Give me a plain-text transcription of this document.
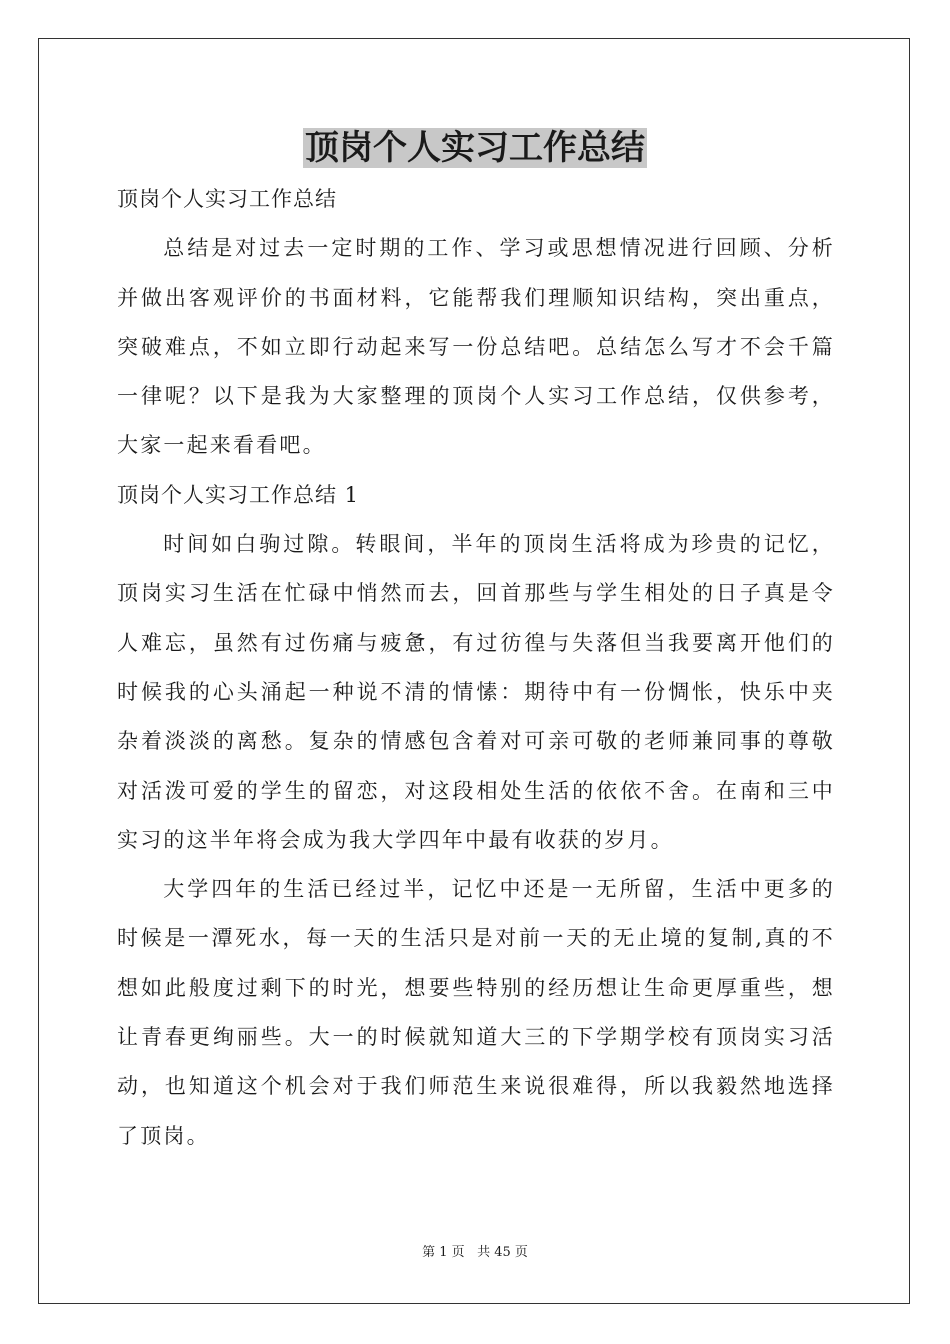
顶岗个人实习工作总结

顶岗个人实习工作总结

总结是对过去一定时期的工作、学习或思想情况进行回顾、分析并做出客观评价的书面材料，它能帮我们理顺知识结构，突出重点，突破难点，不如立即行动起来写一份总结吧。总结怎么写才不会千篇一律呢？以下是我为大家整理的顶岗个人实习工作总结，仅供参考，大家一起来看看吧。

顶岗个人实习工作总结 1

时间如白驹过隙。转眼间，半年的顶岗生活将成为珍贵的记忆，顶岗实习生活在忙碌中悄然而去，回首那些与学生相处的日子真是令人难忘，虽然有过伤痛与疲惫，有过彷徨与失落但当我要离开他们的时候我的心头涌起一种说不清的情愫：期待中有一份惆怅，快乐中夹杂着淡淡的离愁。复杂的情感包含着对可亲可敬的老师兼同事的尊敬对活泼可爱的学生的留恋，对这段相处生活的依依不舍。在南和三中实习的这半年将会成为我大学四年中最有收获的岁月。

大学四年的生活已经过半，记忆中还是一无所留，生活中更多的时候是一潭死水，每一天的生活只是对前一天的无止境的复制,真的不想如此般度过剩下的时光，想要些特别的经历想让生命更厚重些，想让青春更绚丽些。大一的时候就知道大三的下学期学校有顶岗实习活动，也知道这个机会对于我们师范生来说很难得，所以我毅然地选择了顶岗。

第 1 页 共 45 页
